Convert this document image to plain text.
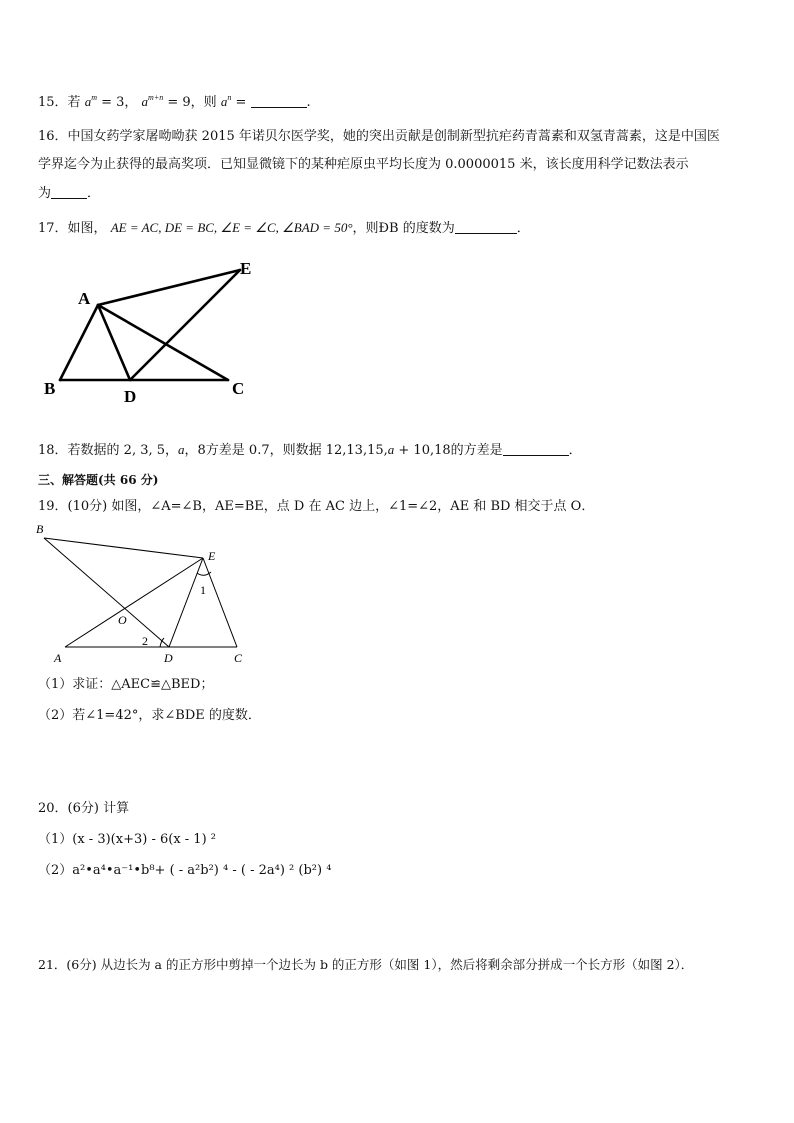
15．若 $a^m = 3$， $a^{m+n} = 9$，则 $a^n$ =	.
16．中国女药学家屠呦呦获 2015 年诺贝尔医学奖，她的突出贡献是创制新型抗疟药青蒿素和双氢青蒿素，这是中国医
学界迄今为止获得的最高奖项．已知显微镜下的某种疟原虫平均长度为 0.0000015 米，该长度用科学记数法表示
为	．
17．如图， AE = AC, DE = BC, ∠E = ∠C, ∠BAD = 50°，则ÐB 的度数为	．
A
B	C
D
E
18．若数据的 2, 3, 5，a，8方差是 0.7，则数据 12,13,15,a + 10,18的方差是	．
三、解答题(共 66 分)
19．(10分) 如图，∠A=∠B，AE=BE，点 D 在 AC 边上，∠1=∠2，AE 和 BD 相交于点 O．
B
E
O
A	D	C
1
2
（1）求证：△AEC≌△BED；
（2）若∠1=42°，求∠BDE 的度数．
20．(6分) 计算
（1）(x - 3)(x+3) - 6(x - 1) ²
（2）a²•a⁴•a⁻¹•b⁸+ ( - a²b²) ⁴ - ( - 2a⁴) ² (b²) ⁴
21．(6分) 从边长为 a 的正方形中剪掉一个边长为 b 的正方形（如图 1），然后将剩余部分拼成一个长方形（如图 2）．
